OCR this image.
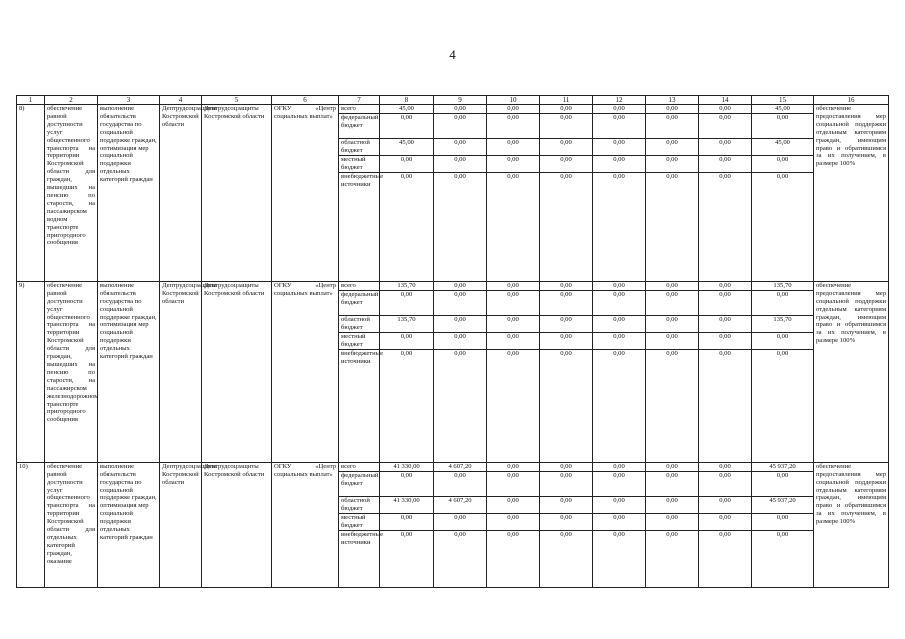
4
1	2	3	4	5	6	7	8	9	10	11	12	13	14	15	16
8)	обеспечение равной доступности услуг общественного транспорта на территории Костромской области для граждан, вышедших на пенсию по старости, на пассажирском водном транспорте пригородного сообщения	выполнение обязательств государства по социальной поддержке граждан, оптимизация мер социальной поддержки отдельных категорий граждан	Дептрудсоцзащиты Костромской области	Дептрудсоцзащиты Костромской области	ОГКУ «Центр социальных выплат»	всего	45,00	0,00	0,00	0,00	0,00	0,00	0,00	45,00	обеспечение предоставления мер социальной поддержки отдельным категориям граждан, имеющим право и обратившимся за их получением, в размере 100%
						федеральный бюджет	0,00	0,00	0,00	0,00	0,00	0,00	0,00	0,00	
						областной бюджет	45,00	0,00	0,00	0,00	0,00	0,00	0,00	45,00	
						местный бюджет	0,00	0,00	0,00	0,00	0,00	0,00	0,00	0,00	
						внебюджетные источники	0,00	0,00	0,00	0,00	0,00	0,00	0,00	0,00	
9)	обеспечение равной доступности услуг общественного транспорта на территории Костромской области для граждан, вышедших на пенсию по старости, на пассажирском железнодорожном транспорте пригородного сообщения	выполнение обязательств государства по социальной поддержке граждан, оптимизация мер социальной поддержки отдельных категорий граждан	Дептрудсоцзащиты Костромской области	Дептрудсоцзащиты Костромской области	ОГКУ «Центр социальных выплат»	всего	135,70	0,00	0,00	0,00	0,00	0,00	0,00	135,70	обеспечение предоставления мер социальной поддержки отдельным категориям граждан, имеющим право и обратившимся за их получением, в размере 100%
						федеральный бюджет	0,00	0,00	0,00	0,00	0,00	0,00	0,00	0,00	
						областной бюджет	135,70	0,00	0,00	0,00	0,00	0,00	0,00	135,70	
						местный бюджет	0,00	0,00	0,00	0,00	0,00	0,00	0,00	0,00	
						внебюджетные источники	0,00	0,00	0,00	0,00	0,00	0,00	0,00	0,00	
10)	обеспечение равной доступности услуг общественного транспорта на территории Костромской области для отдельных категорий граждан, оказание	выполнение обязательств государства по социальной поддержке граждан, оптимизация мер социальной поддержки отдельных категорий граждан	Дептрудсоцзащиты Костромской области	Дептрудсоцзащиты Костромской области	ОГКУ «Центр социальных выплат»	всего	41 330,00	4 607,20	0,00	0,00	0,00	0,00	0,00	45 937,20	обеспечение предоставления мер социальной поддержки отдельным категориям граждан, имеющим право и обратившимся за их получением, в размере 100%
						федеральный бюджет	0,00	0,00	0,00	0,00	0,00	0,00	0,00	0,00	
						областной бюджет	41 330,00	4 607,20	0,00	0,00	0,00	0,00	0,00	45 937,20	
						местный бюджет	0,00	0,00	0,00	0,00	0,00	0,00	0,00	0,00	
						внебюджетные источники	0,00	0,00	0,00	0,00	0,00	0,00	0,00	0,00	
